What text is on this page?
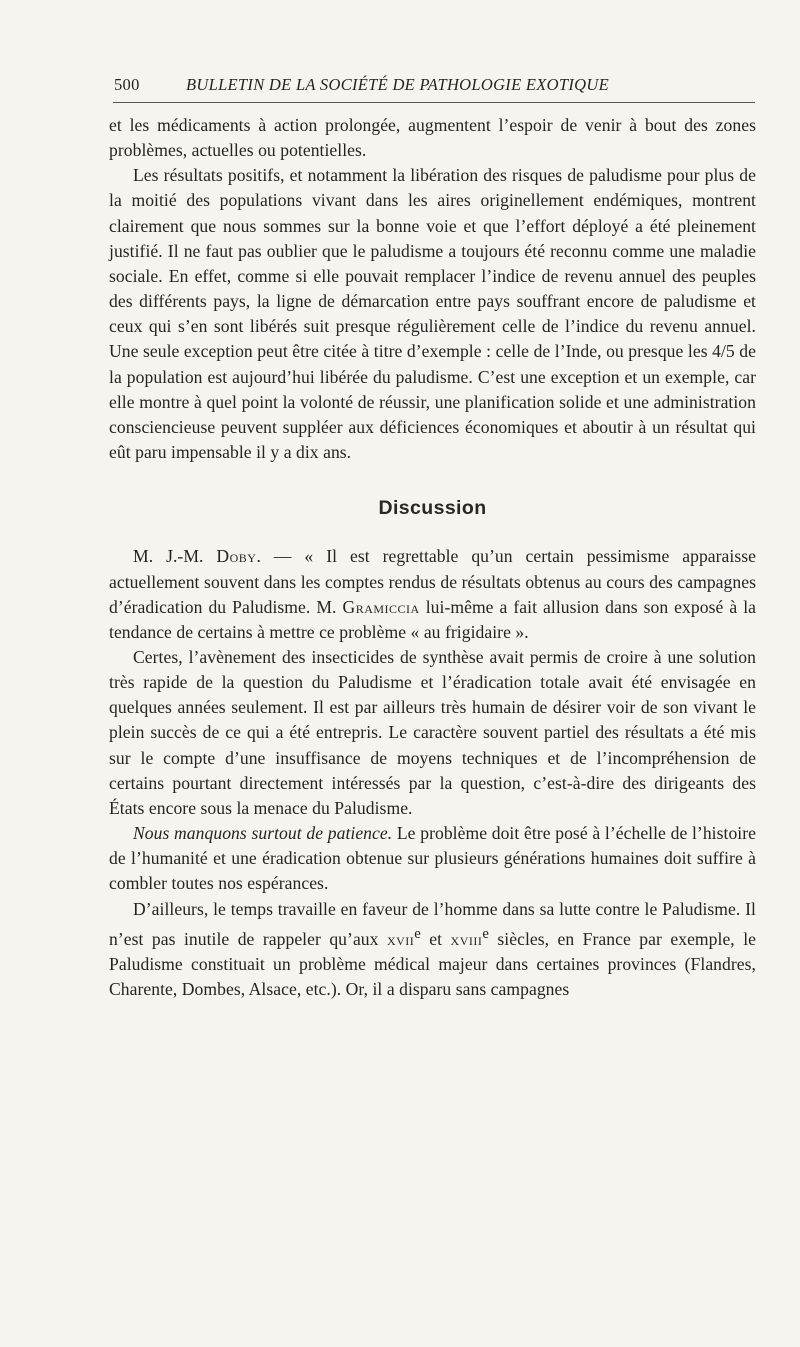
500	BULLETIN DE LA SOCIÉTÉ DE PATHOLOGIE EXOTIQUE

et les médicaments à action prolongée, augmentent l’espoir de venir à bout des zones problèmes, actuelles ou potentielles.

Les résultats positifs, et notamment la libération des risques de paludisme pour plus de la moitié des populations vivant dans les aires originellement endémiques, montrent clairement que nous sommes sur la bonne voie et que l’effort déployé a été pleinement justifié. Il ne faut pas oublier que le paludisme a toujours été reconnu comme une maladie sociale. En effet, comme si elle pouvait remplacer l’indice de revenu annuel des peuples des différents pays, la ligne de démarcation entre pays souffrant encore de paludisme et ceux qui s’en sont libérés suit presque régulièrement celle de l’indice du revenu annuel. Une seule exception peut être citée à titre d’exemple : celle de l’Inde, ou presque les 4/5 de la population est aujourd’hui libérée du paludisme. C’est une exception et un exemple, car elle montre à quel point la volonté de réussir, une planification solide et une administration consciencieuse peuvent suppléer aux déficiences économiques et aboutir à un résultat qui eût paru impensable il y a dix ans.

Discussion

M. J.-M. Doby. — « Il est regrettable qu’un certain pessimisme apparaisse actuellement souvent dans les comptes rendus de résultats obtenus au cours des campagnes d’éradication du Paludisme. M. Gramiccia lui-même a fait allusion dans son exposé à la tendance de certains à mettre ce problème « au frigidaire ».

Certes, l’avènement des insecticides de synthèse avait permis de croire à une solution très rapide de la question du Paludisme et l’éradication totale avait été envisagée en quelques années seulement. Il est par ailleurs très humain de désirer voir de son vivant le plein succès de ce qui a été entrepris. Le caractère souvent partiel des résultats a été mis sur le compte d’une insuffisance de moyens techniques et de l’incompréhension de certains pourtant directement intéressés par la question, c’est-à-dire des dirigeants des États encore sous la menace du Paludisme.

Nous manquons surtout de patience. Le problème doit être posé à l’échelle de l’histoire de l’humanité et une éradication obtenue sur plusieurs générations humaines doit suffire à combler toutes nos espérances.

D’ailleurs, le temps travaille en faveur de l’homme dans sa lutte contre le Paludisme. Il n’est pas inutile de rappeler qu’aux xvii$^e$ et xviii$^e$ siècles, en France par exemple, le Paludisme constituait un problème médical majeur dans certaines provinces (Flandres, Charente, Dombes, Alsace, etc.). Or, il a disparu sans campagnes
